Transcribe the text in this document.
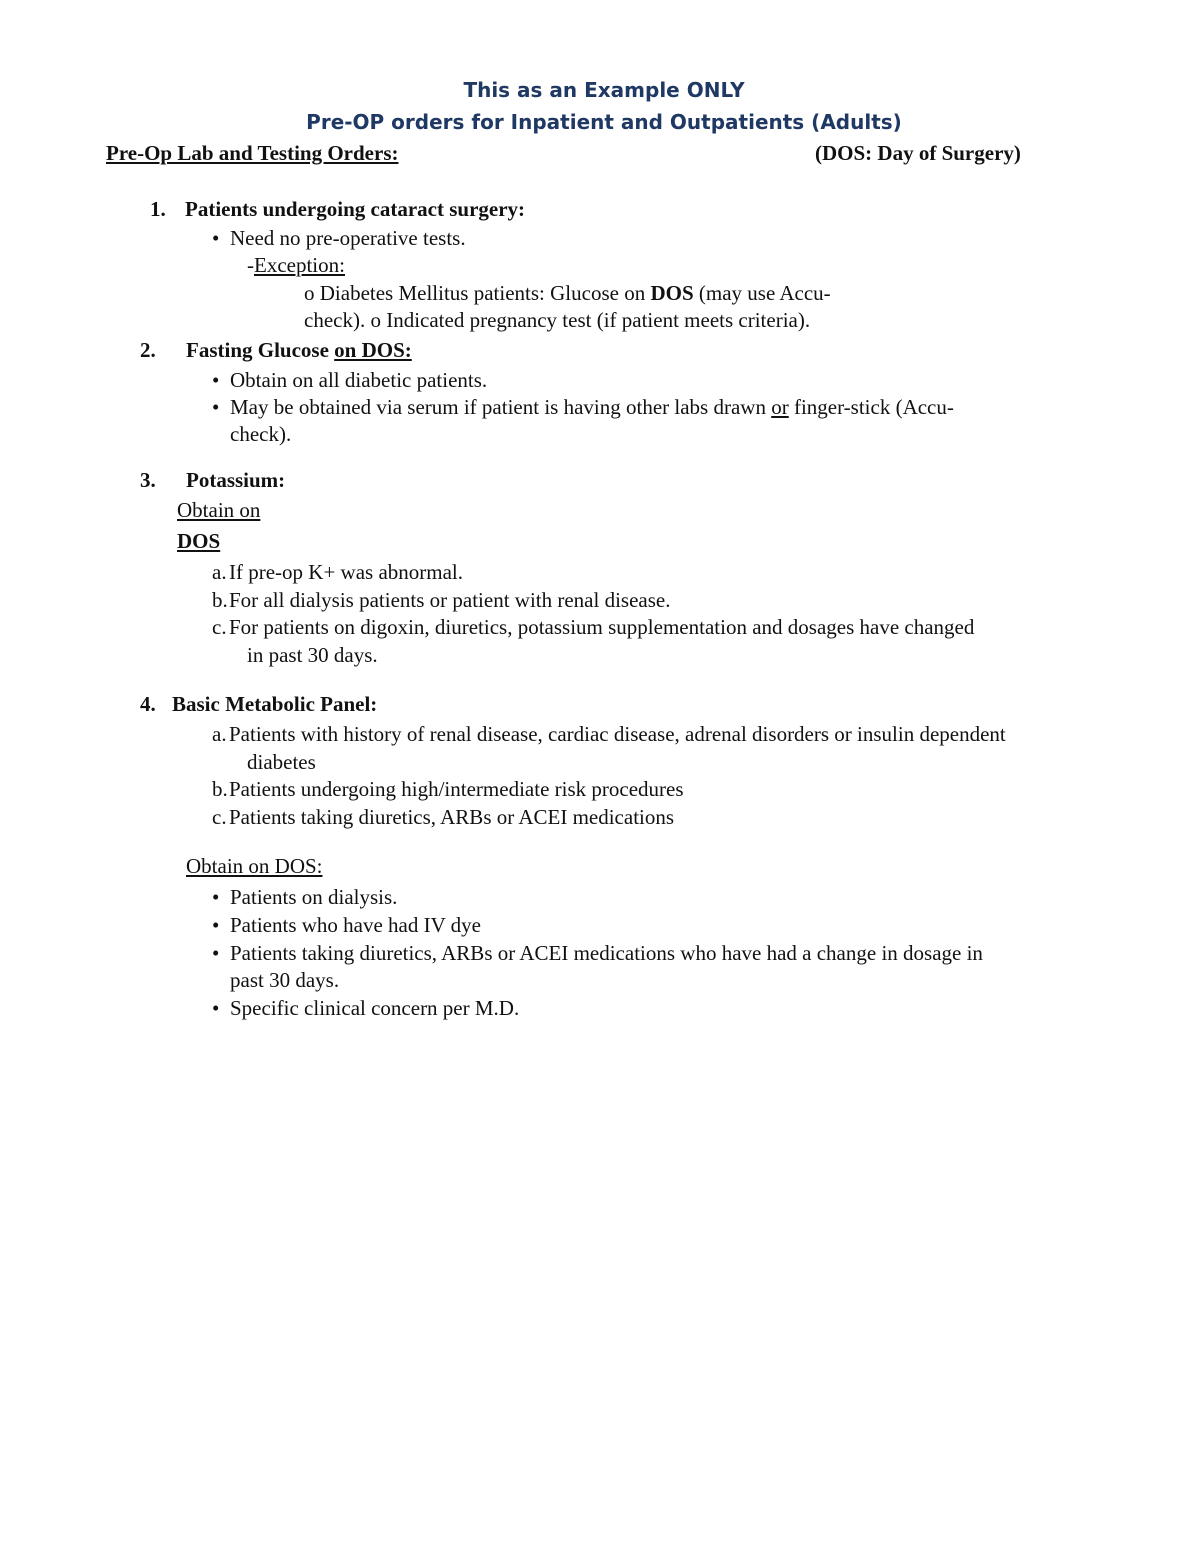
This as an Example ONLY
Pre-OP orders for Inpatient and Outpatients (Adults)
Pre-Op Lab and Testing Orders:	(DOS: Day of Surgery)
1. Patients undergoing cataract surgery:
• Need no pre-operative tests.
-Exception:
o Diabetes Mellitus patients: Glucose on DOS (may use Accu-
check). o Indicated pregnancy test (if patient meets criteria).
2. Fasting Glucose on DOS:
• Obtain on all diabetic patients.
• May be obtained via serum if patient is having other labs drawn or finger-stick (Accu-
check).
3. Potassium:
Obtain on
DOS
a. If pre-op K+ was abnormal.
b. For all dialysis patients or patient with renal disease.
c. For patients on digoxin, diuretics, potassium supplementation and dosages have changed
in past 30 days.
4. Basic Metabolic Panel:
a. Patients with history of renal disease, cardiac disease, adrenal disorders or insulin dependent
diabetes
b. Patients undergoing high/intermediate risk procedures
c. Patients taking diuretics, ARBs or ACEI medications
Obtain on DOS:
• Patients on dialysis.
• Patients who have had IV dye
• Patients taking diuretics, ARBs or ACEI medications who have had a change in dosage in
past 30 days.
• Specific clinical concern per M.D.
